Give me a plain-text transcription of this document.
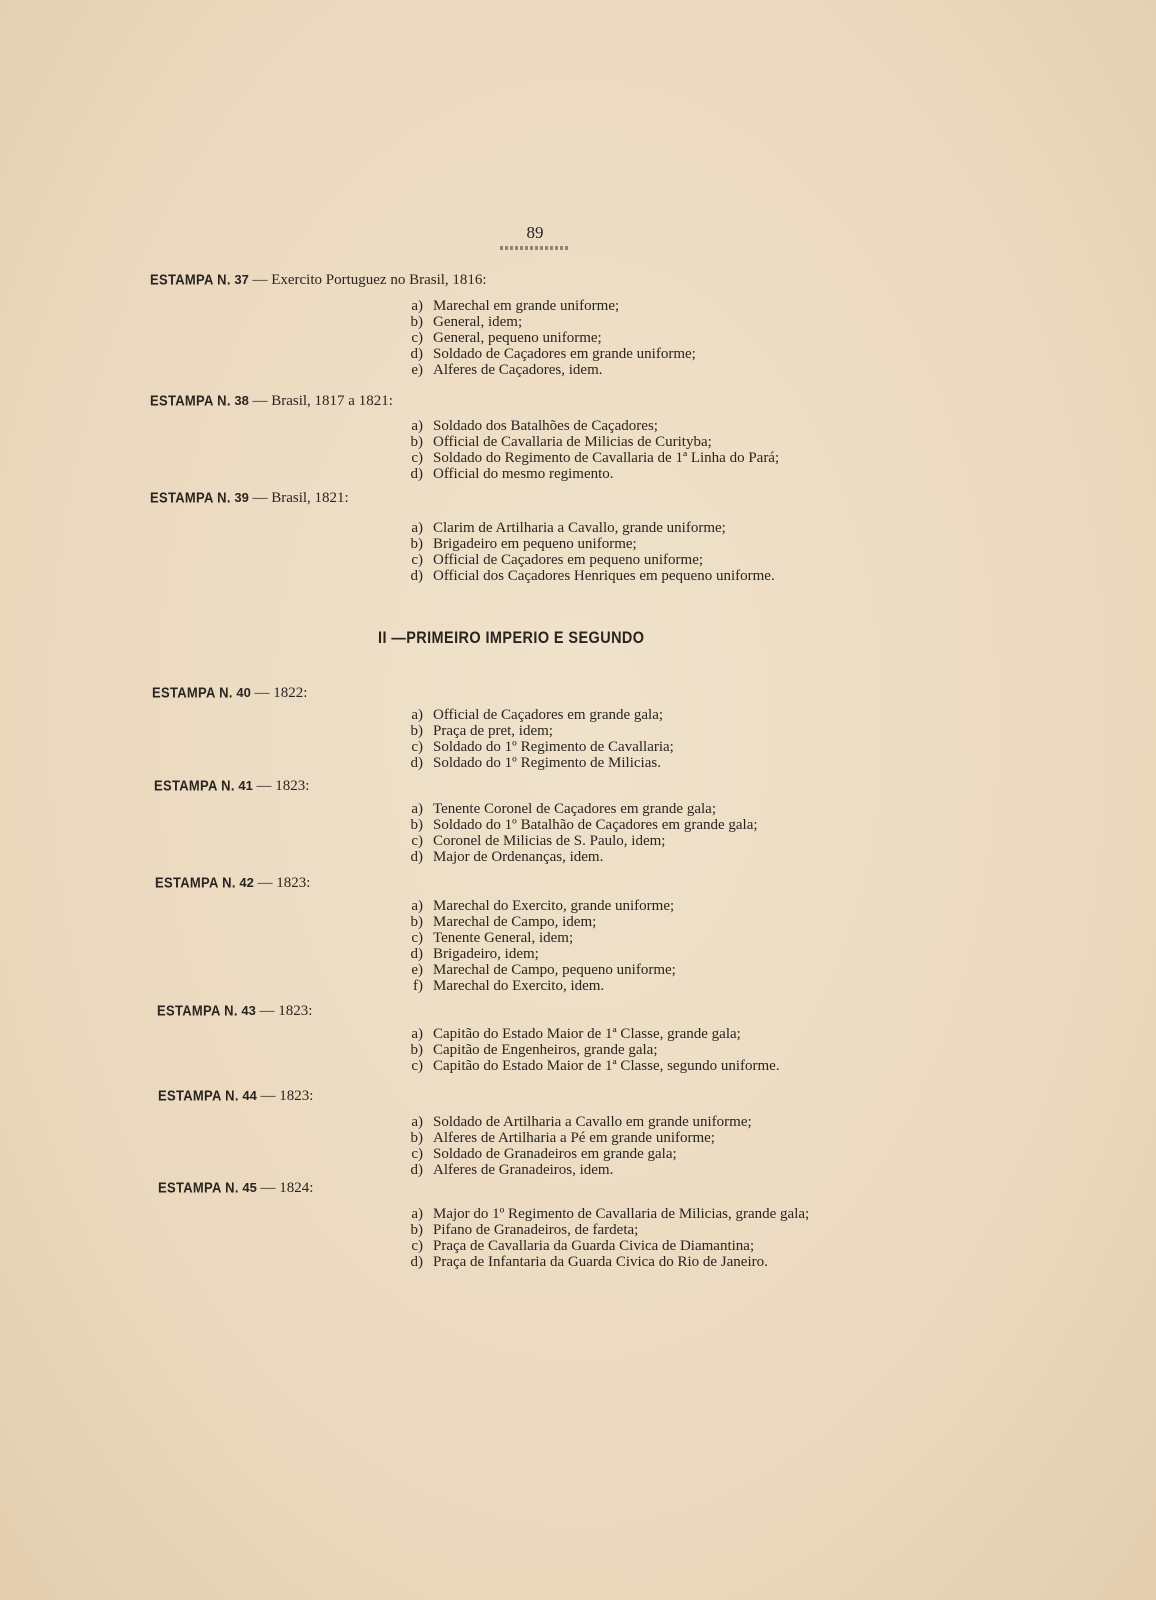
89
II —PRIMEIRO IMPERIO E SEGUNDO
ESTAMPA N. 37 — Exercito Portuguez no Brasil, 1816:
a) Marechal em grande uniforme;
b) General, idem;
c) General, pequeno uniforme;
d) Soldado de Caçadores em grande uniforme;
e) Alferes de Caçadores, idem.
ESTAMPA N. 38 — Brasil, 1817 a 1821:
a) Soldado dos Batalhões de Caçadores;
b) Official de Cavallaria de Milicias de Curityba;
c) Soldado do Regimento de Cavallaria de 1ª Linha do Pará;
d) Official do mesmo regimento.
ESTAMPA N. 39 — Brasil, 1821:
a) Clarim de Artilharia a Cavallo, grande uniforme;
b) Brigadeiro em pequeno uniforme;
c) Official de Caçadores em pequeno uniforme;
d) Official dos Caçadores Henriques em pequeno uniforme.
ESTAMPA N. 40 — 1822:
a) Official de Caçadores em grande gala;
b) Praça de pret, idem;
c) Soldado do 1º Regimento de Cavallaria;
d) Soldado do 1º Regimento de Milicias.
ESTAMPA N. 41 — 1823:
a) Tenente Coronel de Caçadores em grande gala;
b) Soldado do 1º Batalhão de Caçadores em grande gala;
c) Coronel de Milicias de S. Paulo, idem;
d) Major de Ordenanças, idem.
ESTAMPA N. 42 — 1823:
a) Marechal do Exercito, grande uniforme;
b) Marechal de Campo, idem;
c) Tenente General, idem;
d) Brigadeiro, idem;
e) Marechal de Campo, pequeno uniforme;
f) Marechal do Exercito, idem.
ESTAMPA N. 43 — 1823:
a) Capitão do Estado Maior de 1ª Classe, grande gala;
b) Capitão de Engenheiros, grande gala;
c) Capitão do Estado Maior de 1ª Classe, segundo uniforme.
ESTAMPA N. 44 — 1823:
a) Soldado de Artilharia a Cavallo em grande uniforme;
b) Alferes de Artilharia a Pé em grande uniforme;
c) Soldado de Granadeiros em grande gala;
d) Alferes de Granadeiros, idem.
ESTAMPA N. 45 — 1824:
a) Major do 1º Regimento de Cavallaria de Milicias, grande gala;
b) Pifano de Granadeiros, de fardeta;
c) Praça de Cavallaria da Guarda Civica de Diamantina;
d) Praça de Infantaria da Guarda Civica do Rio de Janeiro.
